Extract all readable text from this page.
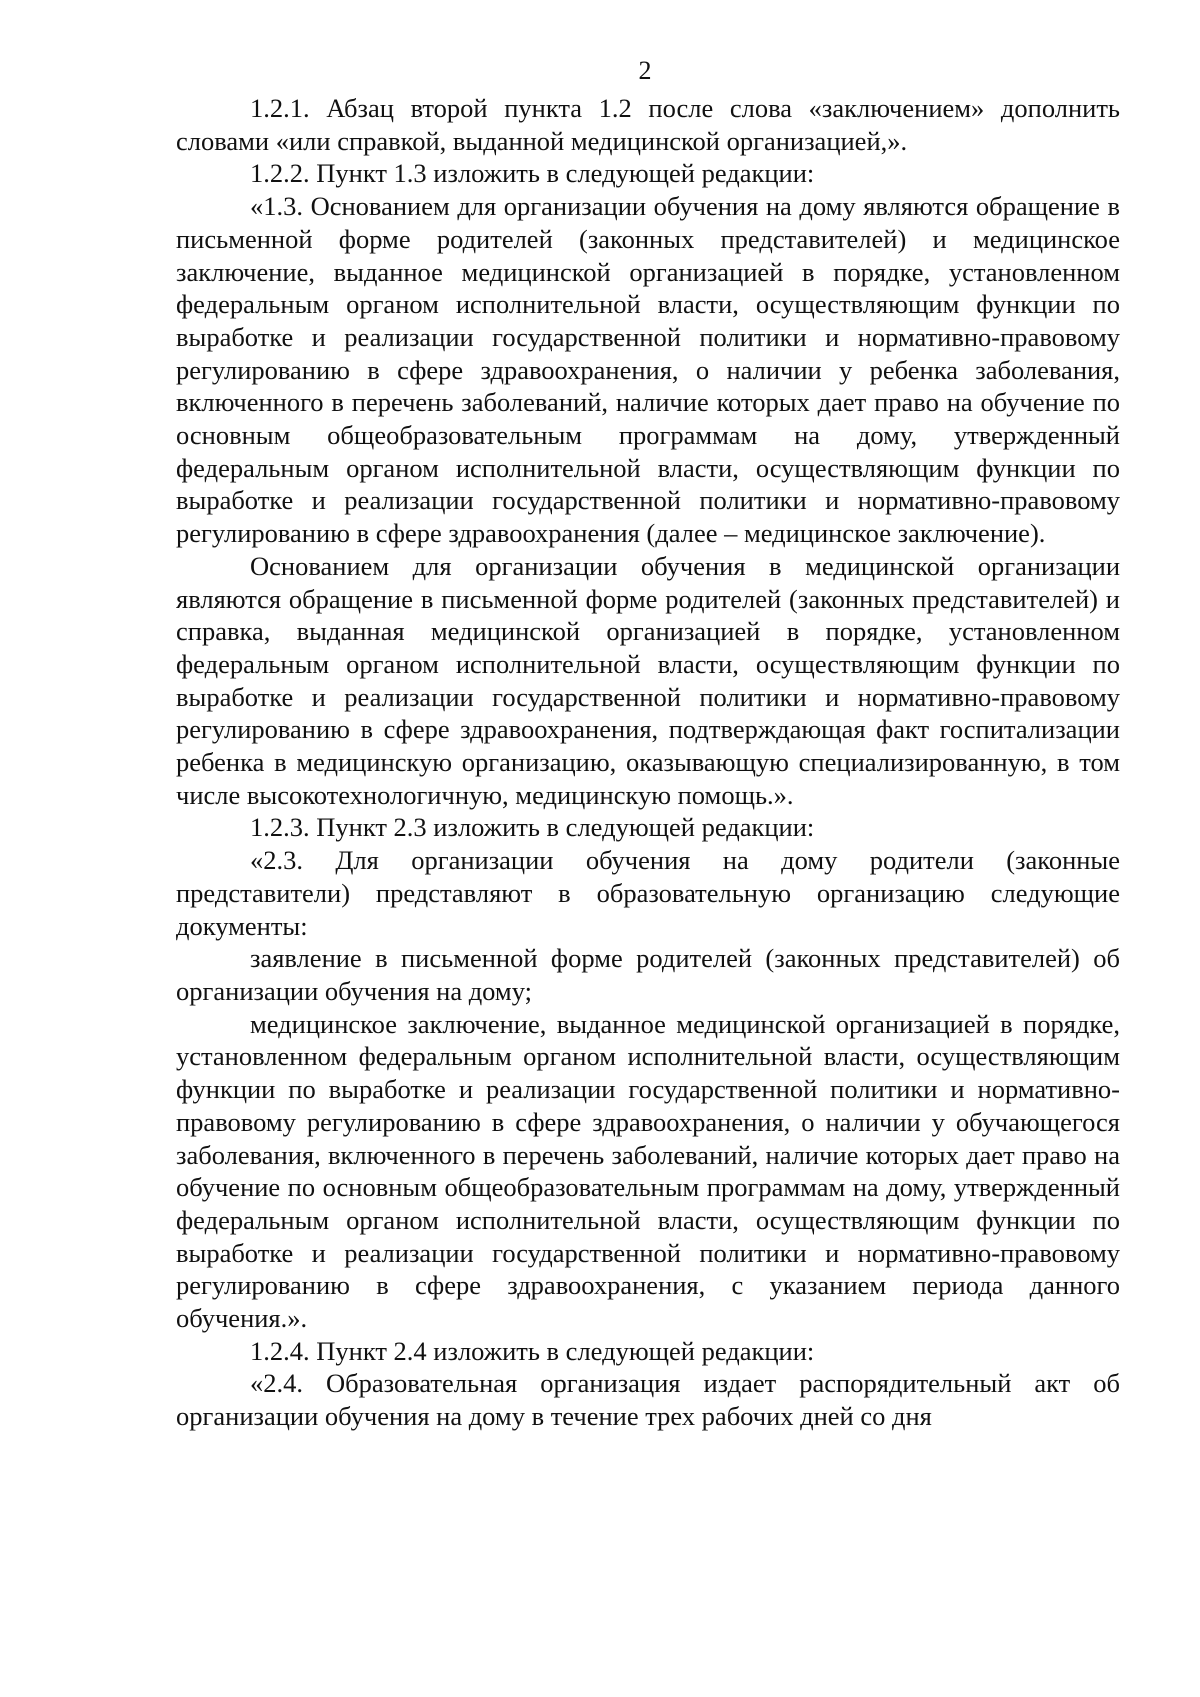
2

1.2.1. Абзац второй пункта 1.2 после слова «заключением» дополнить словами «или справкой, выданной медицинской организацией,».

1.2.2. Пункт 1.3 изложить в следующей редакции:

«1.3. Основанием для организации обучения на дому являются обращение в письменной форме родителей (законных представителей) и медицинское заключение, выданное медицинской организацией в порядке, установленном федеральным органом исполнительной власти, осуществляющим функции по выработке и реализации государственной политики и нормативно-правовому регулированию в сфере здравоохранения, о наличии у ребенка заболевания, включенного в перечень заболеваний, наличие которых дает право на обучение по основным общеобразовательным программам на дому, утвержденный федеральным органом исполнительной власти, осуществляющим функции по выработке и реализации государственной политики и нормативно-правовому регулированию в сфере здравоохранения (далее – медицинское заключение).

Основанием для организации обучения в медицинской организации являются обращение в письменной форме родителей (законных представителей) и справка, выданная медицинской организацией в порядке, установленном федеральным органом исполнительной власти, осуществляющим функции по выработке и реализации государственной политики и нормативно-правовому регулированию в сфере здравоохранения, подтверждающая факт госпитализации ребенка в медицинскую организацию, оказывающую специализированную, в том числе высокотехнологичную, медицинскую помощь.».

1.2.3. Пункт 2.3 изложить в следующей редакции:

«2.3. Для организации обучения на дому родители (законные представители) представляют в образовательную организацию следующие документы:

заявление в письменной форме родителей (законных представителей) об организации обучения на дому;

медицинское заключение, выданное медицинской организацией в порядке, установленном федеральным органом исполнительной власти, осуществляющим функции по выработке и реализации государственной политики и нормативно-правовому регулированию в сфере здравоохранения, о наличии у обучающегося заболевания, включенного в перечень заболеваний, наличие которых дает право на обучение по основным общеобразовательным программам на дому, утвержденный федеральным органом исполнительной власти, осуществляющим функции по выработке и реализации государственной политики и нормативно-правовому регулированию в сфере здравоохранения, с указанием периода данного обучения.».

1.2.4. Пункт 2.4 изложить в следующей редакции:

«2.4. Образовательная организация издает распорядительный акт об организации обучения на дому в течение трех рабочих дней со дня
